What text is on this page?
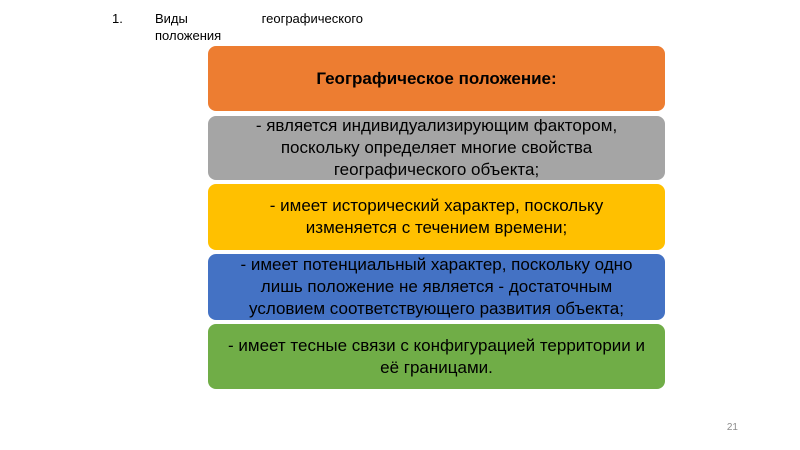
1. Виды	географического
положения
Географическое положение:
- является индивидуализирующим фактором, поскольку определяет многие свойства географического объекта;
- имеет исторический характер, поскольку изменяется с течением времени;
- имеет потенциальный характер, поскольку одно лишь положение не является - достаточным условием соответствующего развития объекта;
- имеет тесные связи с конфигурацией территории и её границами.
21
